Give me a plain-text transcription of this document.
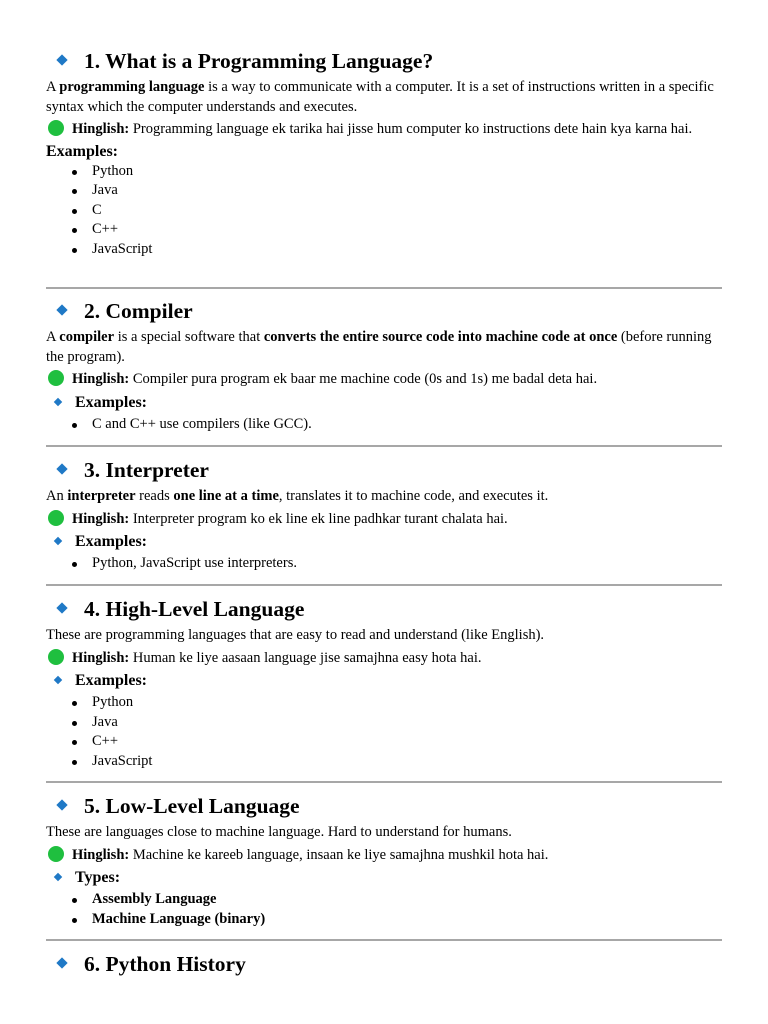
1. What is a Programming Language?

A programming language is a way to communicate with a computer. It is a set of instructions written in a specific syntax which the computer understands and executes.

Hinglish: Programming language ek tarika hai jisse hum computer ko instructions dete hain kya karna hai.

Examples:
Python
Java
C
C++
JavaScript
2. Compiler

A compiler is a special software that converts the entire source code into machine code at once (before running the program).

Hinglish: Compiler pura program ek baar me machine code (0s and 1s) me badal deta hai.

Examples:
C and C++ use compilers (like GCC).
3. Interpreter

An interpreter reads one line at a time, translates it to machine code, and executes it.

Hinglish: Interpreter program ko ek line ek line padhkar turant chalata hai.

Examples:
Python, JavaScript use interpreters.
4. High-Level Language

These are programming languages that are easy to read and understand (like English).

Hinglish: Human ke liye aasaan language jise samajhna easy hota hai.

Examples:
Python
Java
C++
JavaScript
5. Low-Level Language

These are languages close to machine language. Hard to understand for humans.

Hinglish: Machine ke kareeb language, insaan ke liye samajhna mushkil hota hai.

Types:
Assembly Language
Machine Language (binary)
6. Python History
